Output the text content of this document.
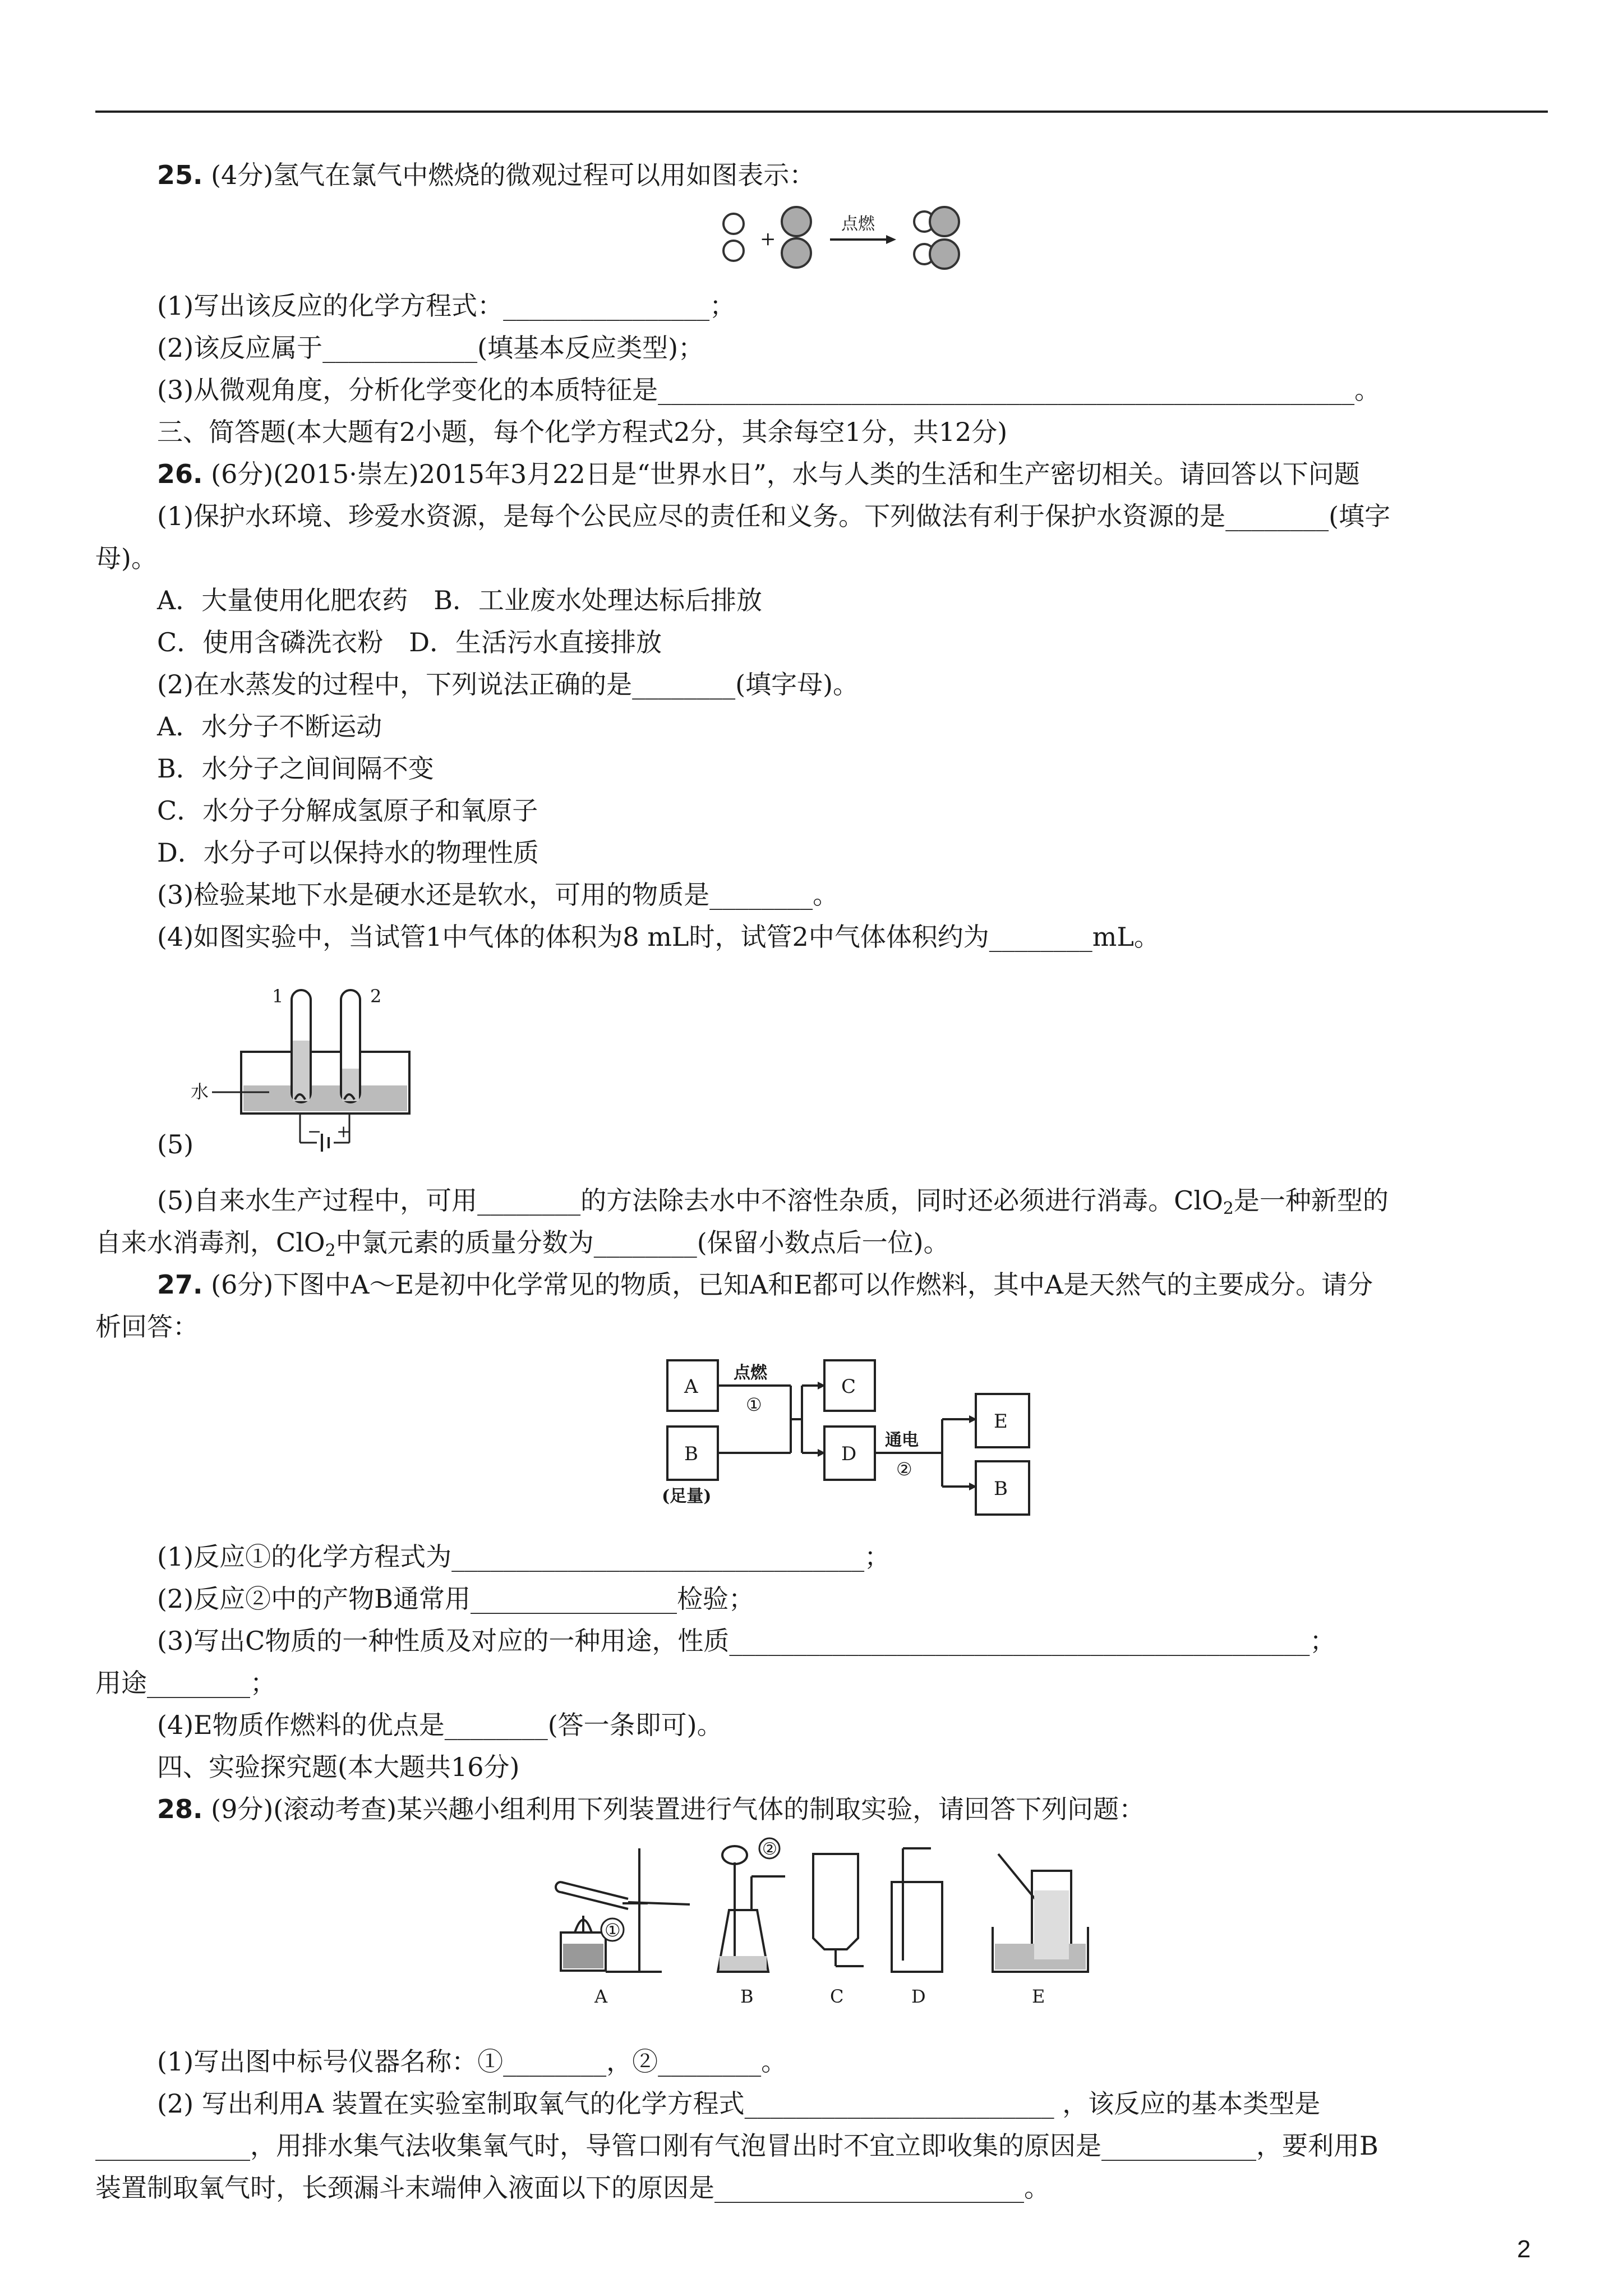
25. (4分)氢气在氯气中燃烧的微观过程可以用如图表示：
+
点燃
(1)写出该反应的化学方程式：________________；
(2)该反应属于____________(填基本反应类型)；
(3)从微观角度，分析化学变化的本质特征是______________________________________________________。
三、简答题(本大题有2小题，每个化学方程式2分，其余每空1分，共12分)
26. (6分)(2015·崇左)2015年3月22日是“世界水日”，水与人类的生活和生产密切相关。请回答以下问题
(1)保护水环境、珍爱水资源，是每个公民应尽的责任和义务。下列做法有利于保护水资源的是________(填字
母)。
A．大量使用化肥农药　B．工业废水处理达标后排放
C．使用含磷洗衣粉　D．生活污水直接排放
(2)在水蒸发的过程中，下列说法正确的是________(填字母)。
A．水分子不断运动
B．水分子之间间隔不变
C．水分子分解成氢原子和氧原子
D．水分子可以保持水的物理性质
(3)检验某地下水是硬水还是软水，可用的物质是________。
(4)如图实验中，当试管1中气体的体积为8 mL时，试管2中气体体积约为________mL。
1	2
− +
水
(5)
(5)自来水生产过程中，可用________的方法除去水中不溶性杂质，同时还必须进行消毒。ClO$_2$是一种新型的
自来水消毒剂，ClO$_2$中氯元素的质量分数为________(保留小数点后一位)。
27. (6分)下图中A～E是初中化学常见的物质，已知A和E都可以作燃料，其中A是天然气的主要成分。请分
析回答：
A
B
(足量)
C
D
E
B
点燃
①
通电
②
(1)反应①的化学方程式为________________________________；
(2)反应②中的产物B通常用________________检验；
(3)写出C物质的一种性质及对应的一种用途，性质_____________________________________________；
用途________；
(4)E物质作燃料的优点是________(答一条即可)。
四、实验探究题(本大题共16分)
28. (9分)(滚动考查)某兴趣小组利用下列装置进行气体的制取实验，请回答下列问题：
①
②
A	B	C	D	E
(1)写出图中标号仪器名称：①________，②________。
(2) 写出利用A 装置在实验室制取氧气的化学方程式________________________ ，该反应的基本类型是
____________，用排水集气法收集氧气时，导管口刚有气泡冒出时不宜立即收集的原因是____________，要利用B
装置制取氧气时，长颈漏斗末端伸入液面以下的原因是________________________。
2
